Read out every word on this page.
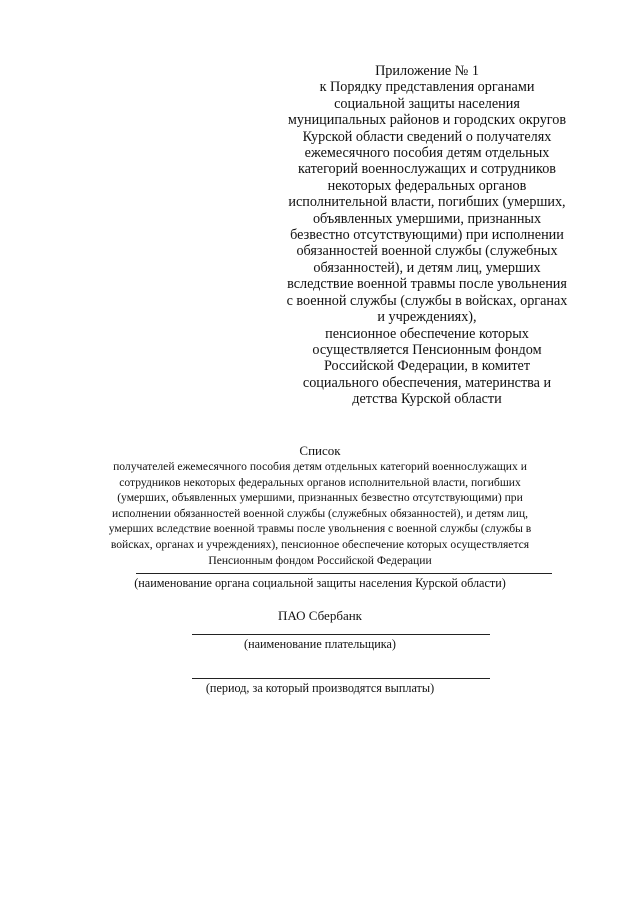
Приложение № 1
к Порядку представления органами
социальной защиты населения
муниципальных районов и городских округов
Курской области сведений о получателях
ежемесячного пособия детям отдельных
категорий военнослужащих и сотрудников
некоторых федеральных органов
исполнительной власти, погибших (умерших,
объявленных умершими, признанных
безвестно отсутствующими) при исполнении
обязанностей военной службы (служебных
обязанностей), и детям лиц, умерших
вследствие военной травмы после увольнения
с военной службы (службы в войсках, органах
и учреждениях),
пенсионное обеспечение которых
осуществляется Пенсионным фондом
Российской Федерации, в комитет
социального обеспечения, материнства и
детства Курской области
Список
получателей ежемесячного пособия детям отдельных категорий военнослужащих и
сотрудников некоторых федеральных органов исполнительной власти, погибших
(умерших, объявленных умершими, признанных безвестно отсутствующими) при
исполнении обязанностей военной службы (служебных обязанностей), и детям лиц,
умерших вследствие военной травмы после увольнения с военной службы (службы в
войсках, органах и учреждениях), пенсионное обеспечение которых осуществляется
Пенсионным фондом Российской Федерации
(наименование органа социальной защиты населения Курской области)
ПАО Сбербанк
(наименование плательщика)
(период, за который производятся выплаты)
